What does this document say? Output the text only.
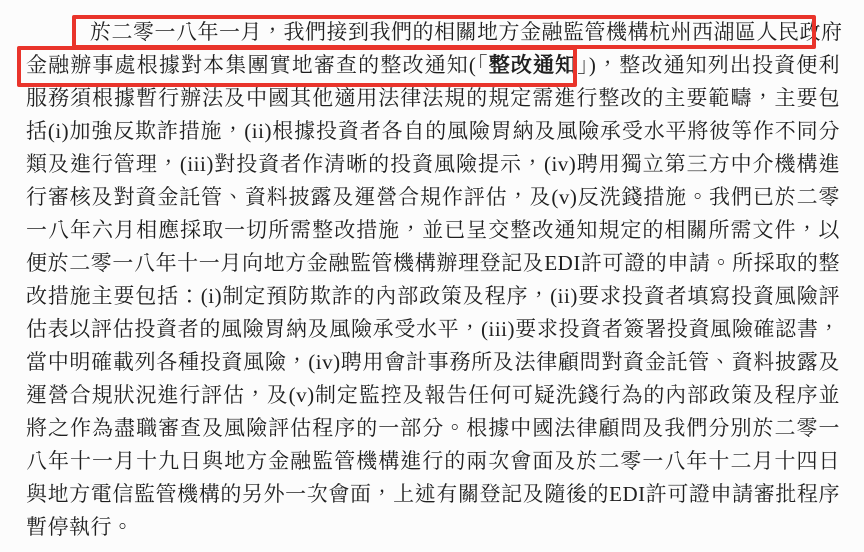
於二零一八年一月，我們接到我們的相關地方金融監管機構杭州西湖區人民政府
金融辦事處根據對本集團實地審查的整改通知(「整改通知」)，整改通知列出投資便利
服務須根據暫行辦法及中國其他適用法律法規的規定需進行整改的主要範疇，主要包
括(i)加強反欺詐措施，(ii)根據投資者各自的風險胃納及風險承受水平將彼等作不同分
類及進行管理，(iii)對投資者作清晰的投資風險提示，(iv)聘用獨立第三方中介機構進
行審核及對資金託管、資料披露及運營合規作評估，及(v)反洗錢措施。我們已於二零
一八年六月相應採取一切所需整改措施，並已呈交整改通知規定的相關所需文件，以
便於二零一八年十一月向地方金融監管機構辦理登記及EDI許可證的申請。所採取的整
改措施主要包括：(i)制定預防欺詐的內部政策及程序，(ii)要求投資者填寫投資風險評
估表以評估投資者的風險胃納及風險承受水平，(iii)要求投資者簽署投資風險確認書，
當中明確載列各種投資風險，(iv)聘用會計事務所及法律顧問對資金託管、資料披露及
運營合規狀況進行評估，及(v)制定監控及報告任何可疑洗錢行為的內部政策及程序並
將之作為盡職審查及風險評估程序的一部分。根據中國法律顧問及我們分別於二零一
八年十一月十九日與地方金融監管機構進行的兩次會面及於二零一八年十二月十四日
與地方電信監管機構的另外一次會面，上述有關登記及隨後的EDI許可證申請審批程序
暫停執行。
